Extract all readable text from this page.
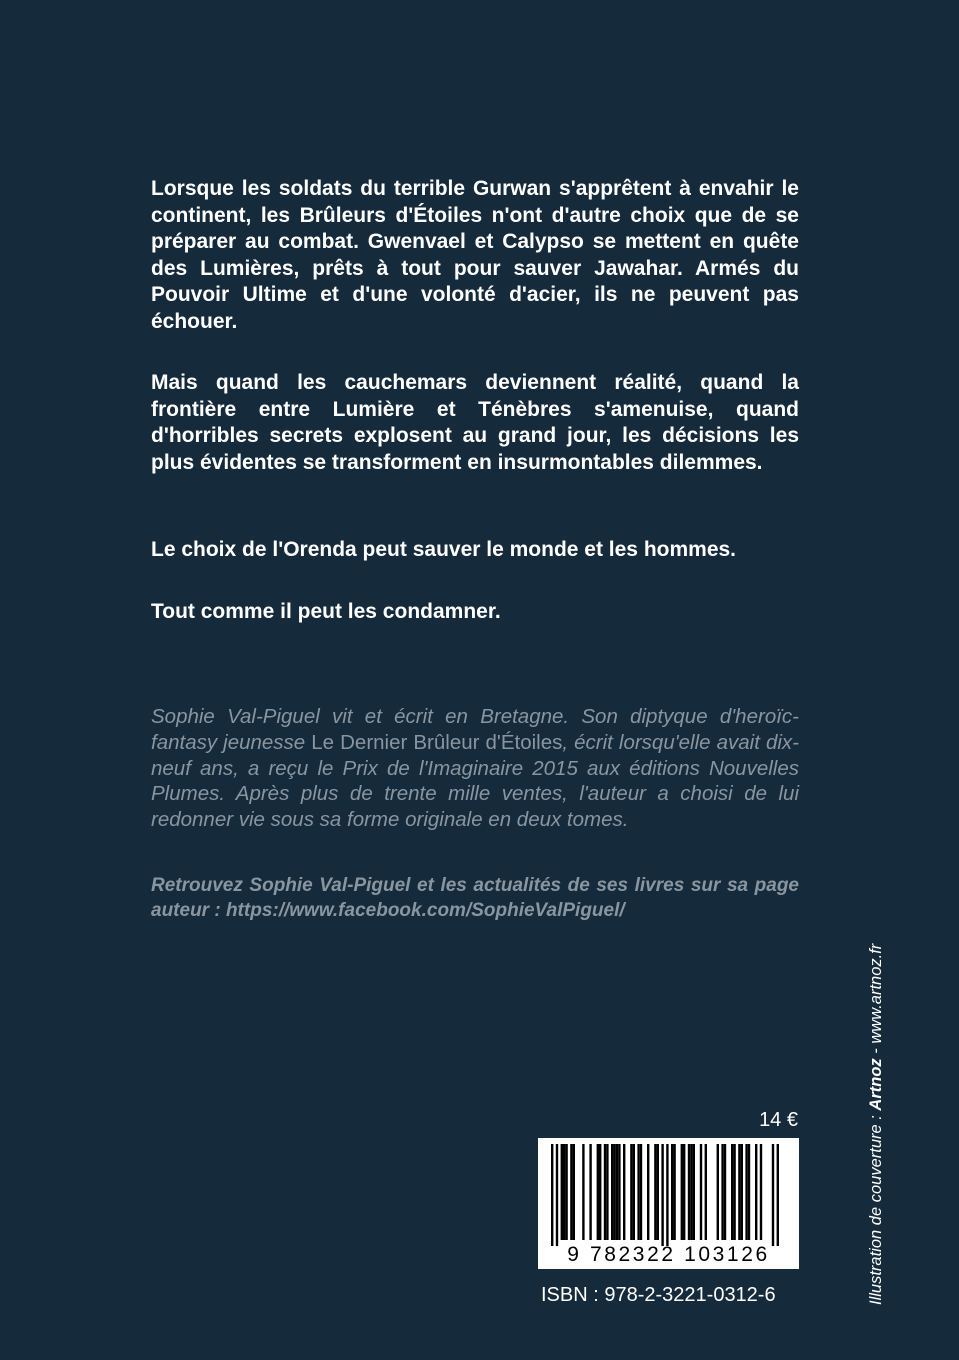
Lorsque les soldats du terrible Gurwan s'apprêtent à envahir le continent, les Brûleurs d'Étoiles n'ont d'autre choix que de se préparer au combat. Gwenvael et Calypso se mettent en quête des Lumières, prêts à tout pour sauver Jawahar. Armés du Pouvoir Ultime et d'une volonté d'acier, ils ne peuvent pas échouer.

Mais quand les cauchemars deviennent réalité, quand la frontière entre Lumière et Ténèbres s'amenuise, quand d'horribles secrets explosent au grand jour, les décisions les plus évidentes se transforment en insurmontables dilemmes.

Le choix de l'Orenda peut sauver le monde et les hommes.

Tout comme il peut les condamner.

Sophie Val-Piguel vit et écrit en Bretagne. Son diptyque d'heroïc-fantasy jeunesse Le Dernier Brûleur d'Étoiles, écrit lorsqu'elle avait dix-neuf ans, a reçu le Prix de l'Imaginaire 2015 aux éditions Nouvelles Plumes. Après plus de trente mille ventes, l'auteur a choisi de lui redonner vie sous sa forme originale en deux tomes.

Retrouvez Sophie Val-Piguel et les actualités de ses livres sur sa page auteur : https://www.facebook.com/SophieValPiguel/

14 €
9 782322 103126
ISBN : 978-2-3221-0312-6	Illustration de couverture : Artnoz - www.artnoz.fr
